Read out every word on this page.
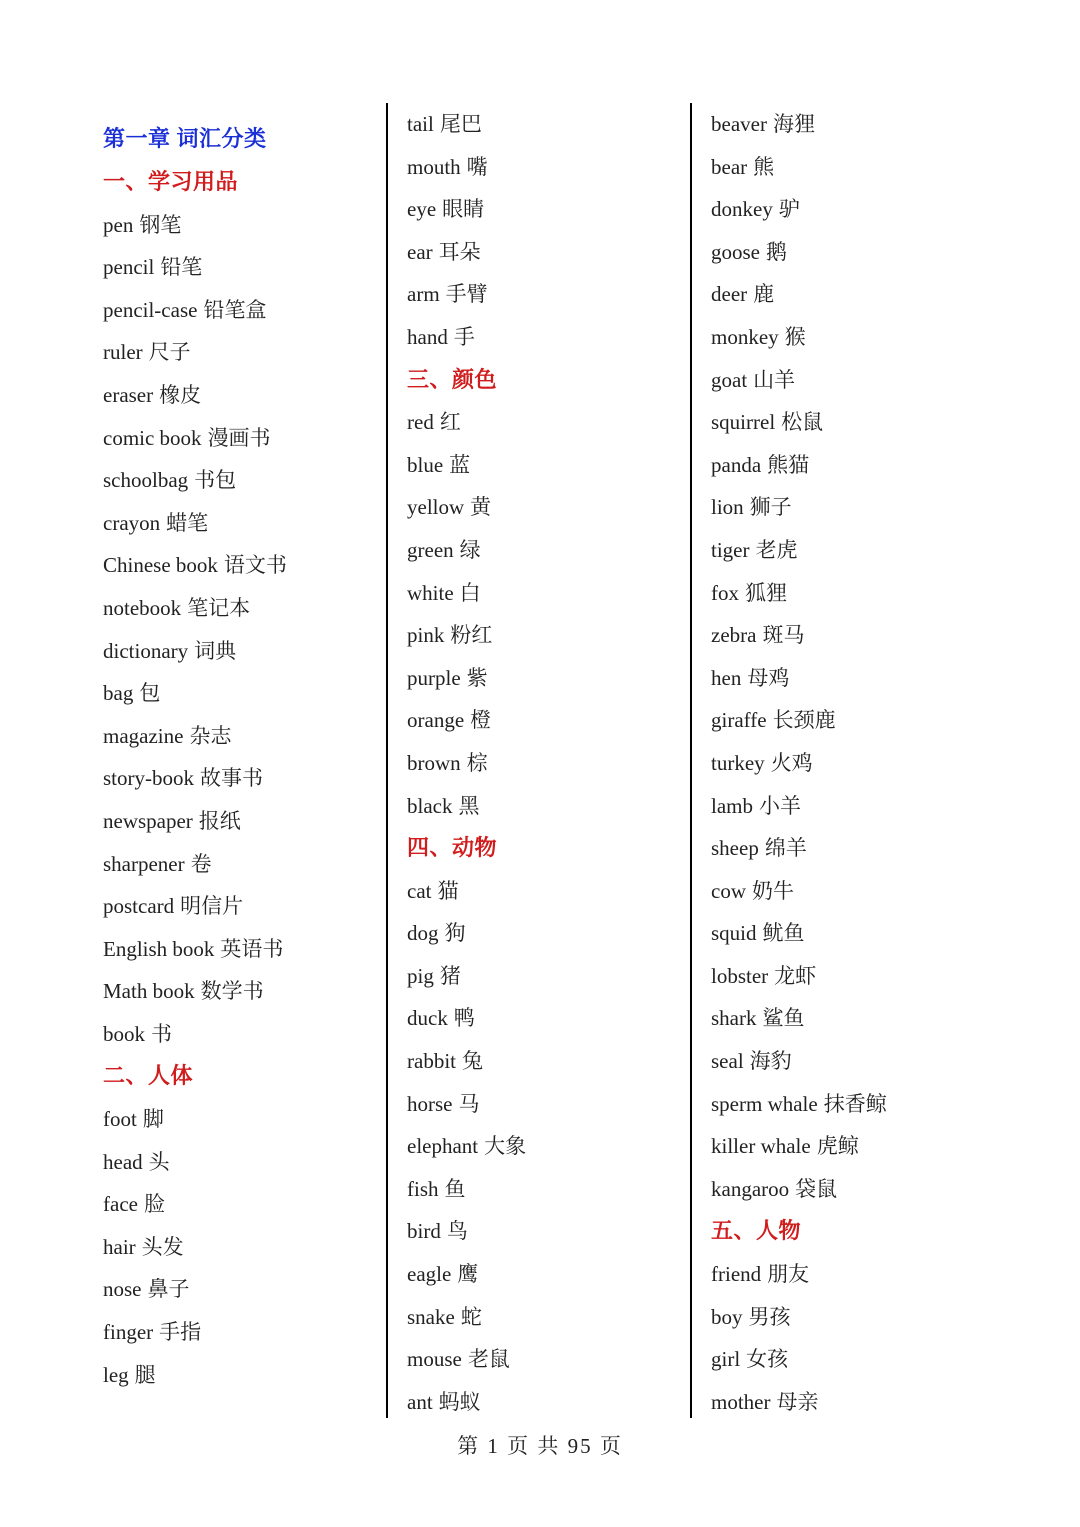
第一章 词汇分类
一、学习用品
pen 钢笔
pencil 铅笔
pencil-case 铅笔盒
ruler 尺子
eraser 橡皮
comic book 漫画书
schoolbag 书包
crayon 蜡笔
Chinese book 语文书
notebook 笔记本
dictionary 词典
bag 包
magazine 杂志
story-book 故事书
newspaper 报纸
sharpener 卷
postcard 明信片
English book 英语书
Math book 数学书
book 书
二、人体
foot 脚
head 头
face 脸
hair 头发
nose 鼻子
finger 手指
leg 腿
tail 尾巴
mouth 嘴
eye 眼睛
ear 耳朵
arm 手臂
hand 手
三、颜色
red 红
blue 蓝
yellow 黄
green 绿
white 白
pink 粉红
purple 紫
orange 橙
brown 棕
black 黑
四、动物
cat 猫
dog 狗
pig 猪
duck 鸭
rabbit 兔
horse 马
elephant 大象
fish 鱼
bird 鸟
eagle 鹰
snake 蛇
mouse 老鼠
ant 蚂蚁
beaver 海狸
bear 熊
donkey 驴
goose 鹅
deer 鹿
monkey 猴
goat 山羊
squirrel 松鼠
panda 熊猫
lion 狮子
tiger 老虎
fox 狐狸
zebra 斑马
hen 母鸡
giraffe 长颈鹿
turkey 火鸡
lamb 小羊
sheep 绵羊
cow 奶牛
squid 鱿鱼
lobster 龙虾
shark 鲨鱼
seal 海豹
sperm whale 抹香鲸
killer whale 虎鲸
kangaroo 袋鼠
五、人物
friend 朋友
boy 男孩
girl 女孩
mother 母亲
第 1 页 共 95 页
